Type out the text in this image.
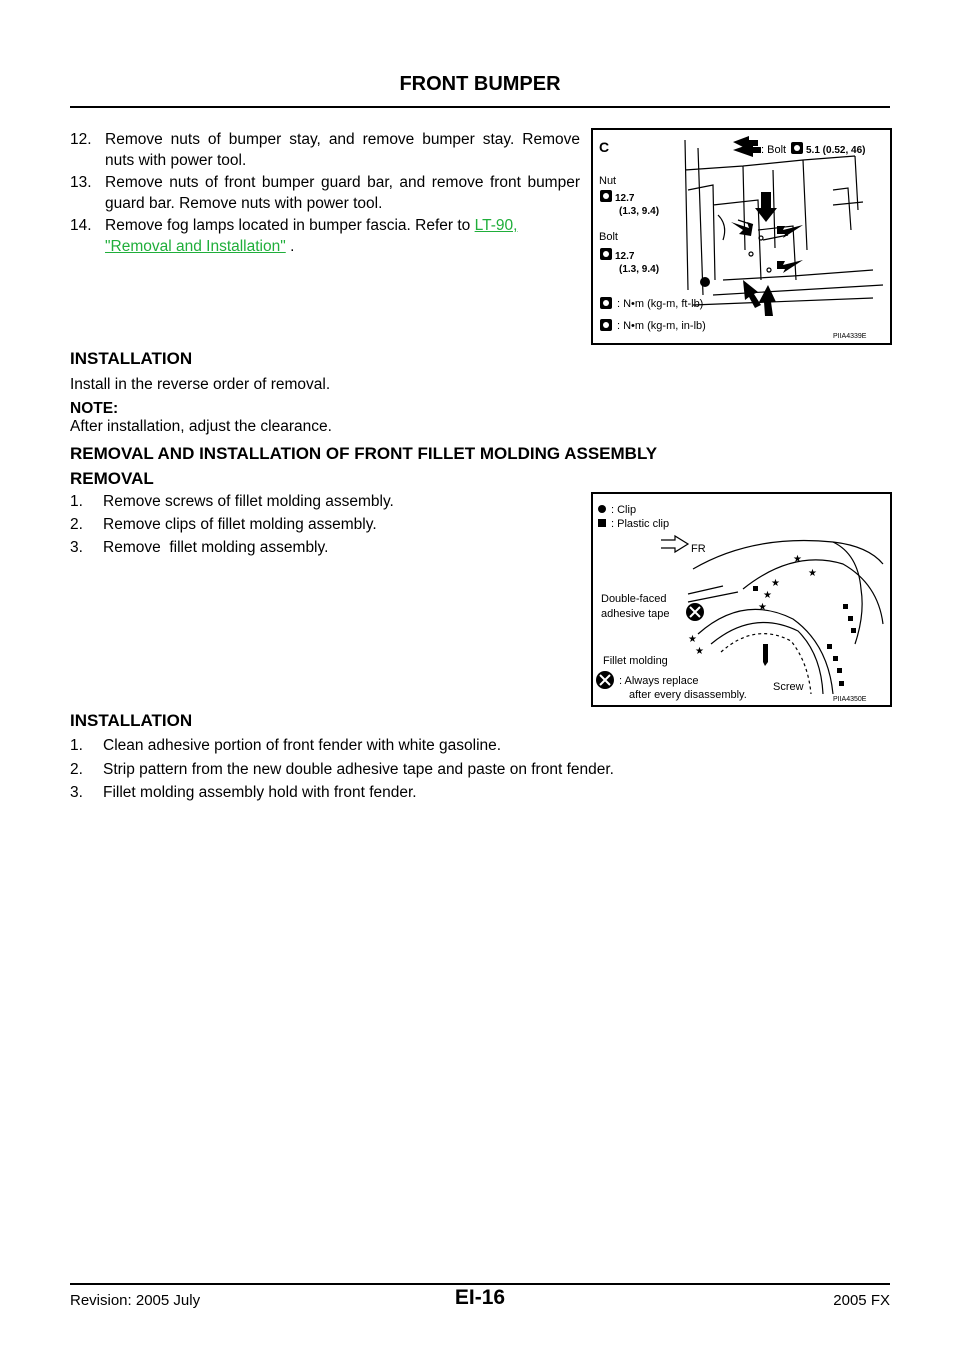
FRONT BUMPER
12. Remove nuts of bumper stay, and remove bumper stay. Remove nuts with power tool.
13. Remove nuts of front bumper guard bar, and remove front bumper guard bar. Remove nuts with power tool.
14. Remove fog lamps located in bumper fascia. Refer to LT-90,
"Removal and Installation" .
C	: Bolt 5.1 (0.52, 46)
Nut
12.7
(1.3, 9.4)
Bolt
12.7
(1.3, 9.4)
: N•m (kg-m, ft-lb)
: N•m (kg-m, in-lb)
PIIA4339E
INSTALLATION
Install in the reverse order of removal.
NOTE:
After installation, adjust the clearance.
REMOVAL AND INSTALLATION OF FRONT FILLET MOLDING ASSEMBLY
REMOVAL
1. Remove screws of fillet molding assembly.
2. Remove clips of fillet molding assembly.
3. Remove  fillet molding assembly.
★
★
★
★
★
★
★
: Clip
: Plastic clip
FR
Double-faced
adhesive tape
Fillet molding
: Always replace
after every disassembly.
Screw
PIIA4350E
INSTALLATION
1. Clean adhesive portion of front fender with white gasoline.
2. Strip pattern from the new double adhesive tape and paste on front fender.
3. Fillet molding assembly hold with front fender.
Revision: 2005 July	EI-16	2005 FX
